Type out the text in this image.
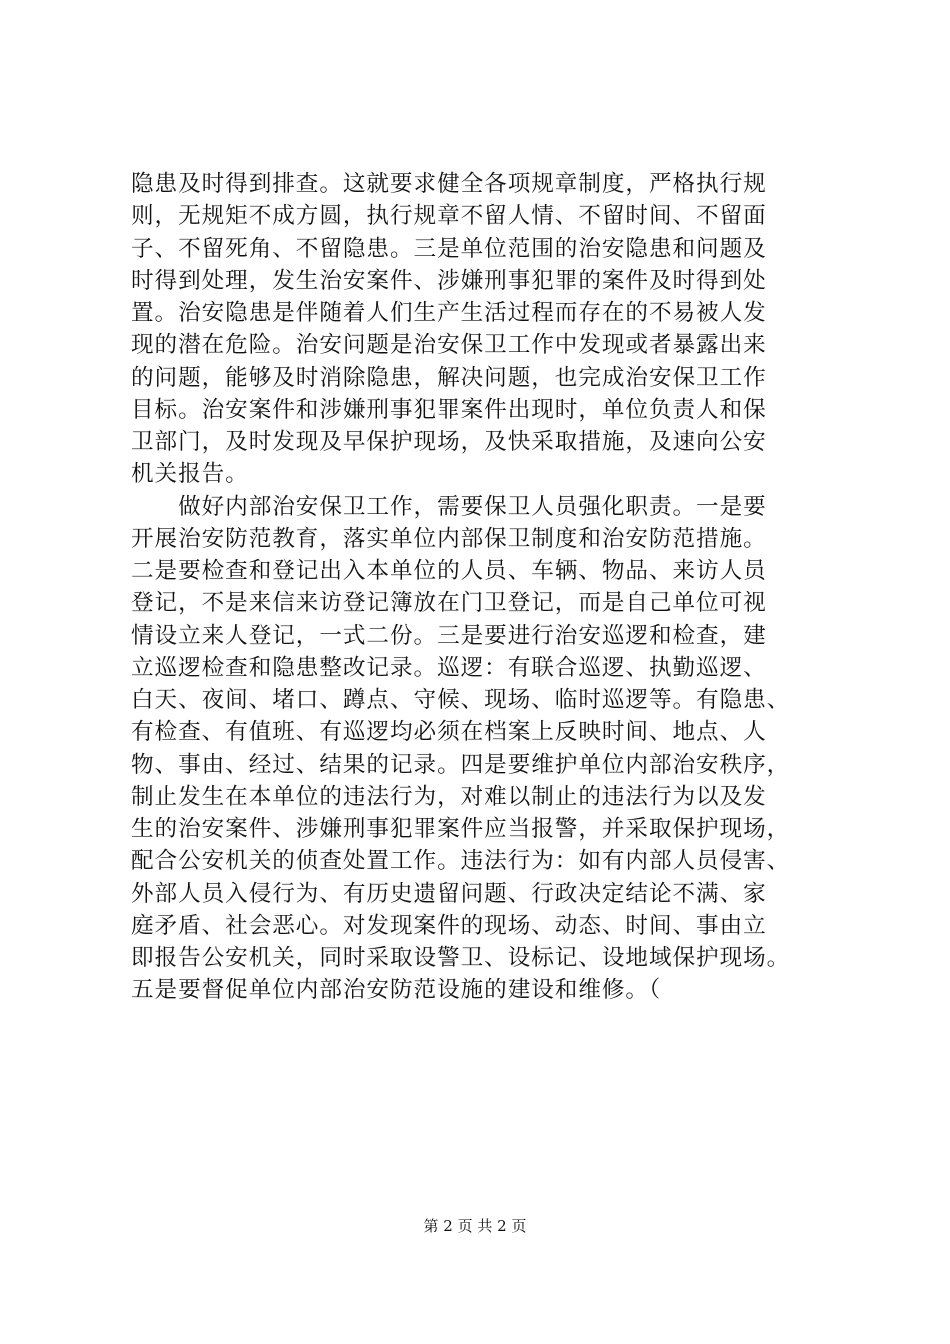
隐患及时得到排查。这就要求健全各项规章制度，严格执行规
则，无规矩不成方圆，执行规章不留人情、不留时间、不留面
子、不留死角、不留隐患。三是单位范围的治安隐患和问题及
时得到处理，发生治安案件、涉嫌刑事犯罪的案件及时得到处
置。治安隐患是伴随着人们生产生活过程而存在的不易被人发
现的潜在危险。治安问题是治安保卫工作中发现或者暴露出来
的问题，能够及时消除隐患，解决问题，也完成治安保卫工作
目标。治安案件和涉嫌刑事犯罪案件出现时，单位负责人和保
卫部门，及时发现及早保护现场，及快采取措施，及速向公安
机关报告。
　　做好内部治安保卫工作，需要保卫人员强化职责。一是要
开展治安防范教育，落实单位内部保卫制度和治安防范措施。
二是要检查和登记出入本单位的人员、车辆、物品、来访人员
登记，不是来信来访登记簿放在门卫登记，而是自己单位可视
情设立来人登记，一式二份。三是要进行治安巡逻和检查，建
立巡逻检查和隐患整改记录。巡逻：有联合巡逻、执勤巡逻、
白天、夜间、堵口、蹲点、守候、现场、临时巡逻等。有隐患、
有检查、有值班、有巡逻均必须在档案上反映时间、地点、人
物、事由、经过、结果的记录。四是要维护单位内部治安秩序，
制止发生在本单位的违法行为，对难以制止的违法行为以及发
生的治安案件、涉嫌刑事犯罪案件应当报警，并采取保护现场，
配合公安机关的侦查处置工作。违法行为：如有内部人员侵害、
外部人员入侵行为、有历史遗留问题、行政决定结论不满、家
庭矛盾、社会恶心。对发现案件的现场、动态、时间、事由立
即报告公安机关，同时采取设警卫、设标记、设地域保护现场。
五是要督促单位内部治安防范设施的建设和维修。（
第 2 页 共 2 页
